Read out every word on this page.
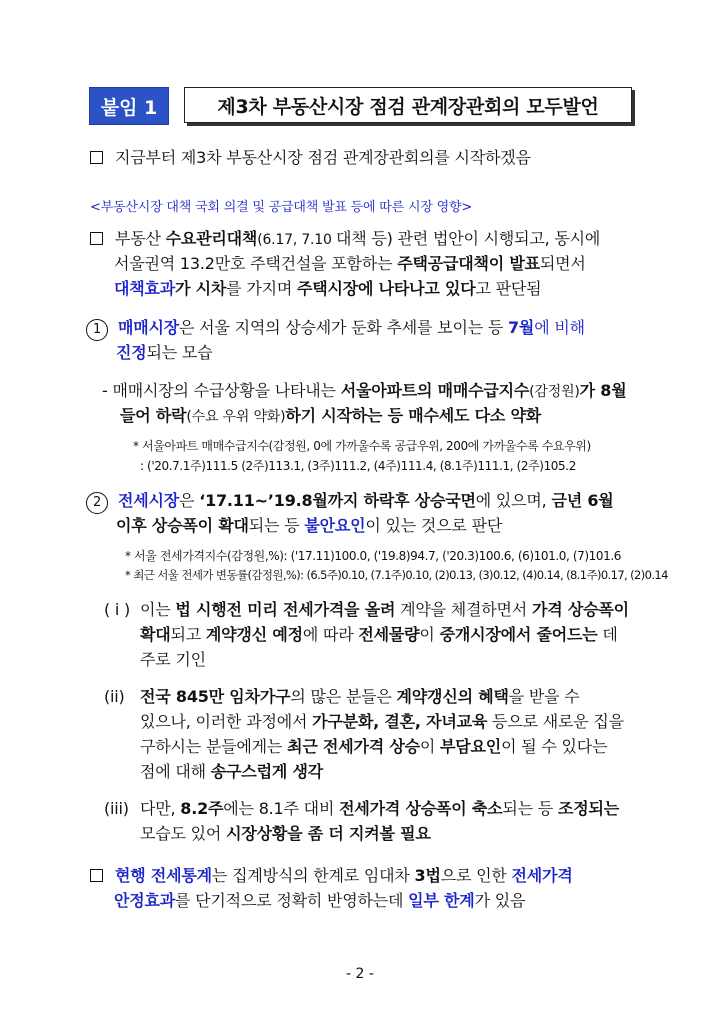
붙임 1	제3차 부동산시장 점검 관계장관회의 모두발언
지금부터 제3차 부동산시장 점검 관계장관회의를 시작하겠음
<부동산시장 대책 국회 의결 및 공급대책 발표 등에 따른 시장 영향>
부동산 수요관리대책(6.17, 7.10 대책 등) 관련 법안이 시행되고, 동시에
서울권역 13.2만호 주택건설을 포함하는 주택공급대책이 발표되면서
대책효과가 시차를 가지며 주택시장에 나타나고 있다고 판단됨
1 매매시장은 서울 지역의 상승세가 둔화 추세를 보이는 등 7월에 비해
진정되는 모습
- 매매시장의 수급상황을 나타내는 서울아파트의 매매수급지수(감정원)가 8월
들어 하락(수요 우위 약화)하기 시작하는 등 매수세도 다소 약화
* 서울아파트 매매수급지수(감정원, 0에 가까울수록 공급우위, 200에 가까울수록 수요우위)
: ('20.7.1주)111.5 (2주)113.1, (3주)111.2, (4주)111.4, (8.1주)111.1, (2주)105.2
2 전세시장은 ‘17.11~’19.8월까지 하락후 상승국면에 있으며, 금년 6월
이후 상승폭이 확대되는 등 불안요인이 있는 것으로 판단
* 서울 전세가격지수(감정원,%): ('17.11)100.0, ('19.8)94.7, ('20.3)100.6, (6)101.0, (7)101.6
* 최근 서울 전세가 변동률(감정원,%): (6.5주)0.10, (7.1주)0.10, (2)0.13, (3)0.12, (4)0.14, (8.1주)0.17, (2)0.14
( i ) 이는 법 시행전 미리 전세가격을 올려 계약을 체결하면서 가격 상승폭이
확대되고 계약갱신 예정에 따라 전세물량이 중개시장에서 줄어드는 데
주로 기인
(ii) 전국 845만 임차가구의 많은 분들은 계약갱신의 혜택을 받을 수
있으나, 이러한 과정에서 가구분화, 결혼, 자녀교육 등으로 새로운 집을
구하시는 분들에게는 최근 전세가격 상승이 부담요인이 될 수 있다는
점에 대해 송구스럽게 생각
(iii) 다만, 8.2주에는 8.1주 대비 전세가격 상승폭이 축소되는 등 조정되는
모습도 있어 시장상황을 좀 더 지켜볼 필요
현행 전세통계는 집계방식의 한계로 임대차 3법으로 인한 전세가격
안정효과를 단기적으로 정확히 반영하는데 일부 한계가 있음
- 2 -
